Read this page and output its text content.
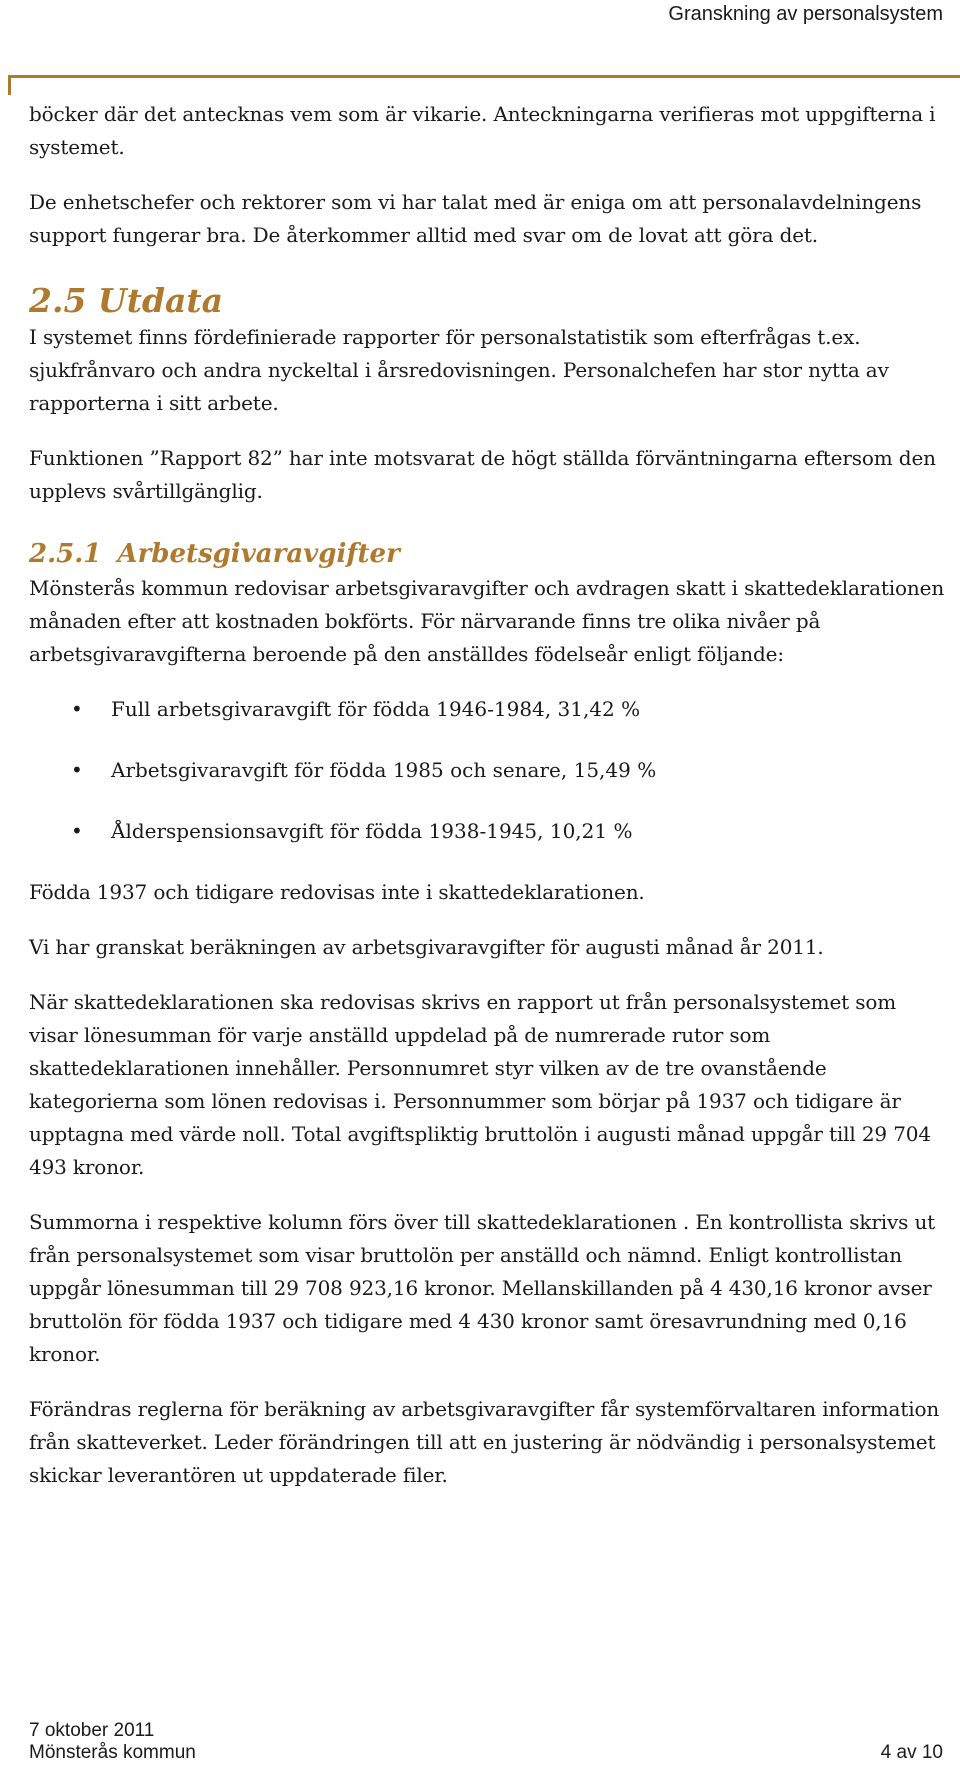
Granskning av personalsystem

böcker där det antecknas vem som är vikarie. Anteckningarna verifieras mot uppgifterna i systemet.

De enhetschefer och rektorer som vi har talat med är eniga om att personalavdelningens support fungerar bra. De återkommer alltid med svar om de lovat att göra det.

2.5 Utdata

I systemet finns fördefinierade rapporter för personalstatistik som efterfrågas t.ex. sjukfrånvaro och andra nyckeltal i årsredovisningen. Personalchefen har stor nytta av rapporterna i sitt arbete.

Funktionen ”Rapport 82” har inte motsvarat de högt ställda förväntningarna eftersom den upplevs svårtillgänglig.

2.5.1 Arbetsgivaravgifter

Mönsterås kommun redovisar arbetsgivaravgifter och avdragen skatt i skattedeklarationen månaden efter att kostnaden bokförts. För närvarande finns tre olika nivåer på arbetsgivaravgifterna beroende på den anställdes födelseår enligt följande:

• Full arbetsgivaravgift för födda 1946-1984, 31,42 %
• Arbetsgivaravgift för födda 1985 och senare, 15,49 %
• Ålderspensionsavgift för födda 1938-1945, 10,21 %

Födda 1937 och tidigare redovisas inte i skattedeklarationen.

Vi har granskat beräkningen av arbetsgivaravgifter för augusti månad år 2011.

När skattedeklarationen ska redovisas skrivs en rapport ut från personalsystemet som visar lönesumman för varje anställd uppdelad på de numrerade rutor som skattedeklarationen innehåller. Personnumret styr vilken av de tre ovanstående kategorierna som lönen redovisas i. Personnummer som börjar på 1937 och tidigare är upptagna med värde noll. Total avgiftspliktig bruttolön i augusti månad uppgår till 29 704 493 kronor.

Summorna i respektive kolumn förs över till skattedeklarationen . En kontrollista skrivs ut från personalsystemet som visar bruttolön per anställd och nämnd. Enligt kontrollistan uppgår lönesumman till 29 708 923,16 kronor. Mellanskillanden på 4 430,16 kronor avser bruttolön för födda 1937 och tidigare med 4 430 kronor samt öresavrundning med 0,16 kronor.

Förändras reglerna för beräkning av arbetsgivaravgifter får systemförvaltaren information från skatteverket. Leder förändringen till att en justering är nödvändig i personalsystemet skickar leverantören ut uppdaterade filer.

7 oktober 2011
Mönsterås kommun	4 av 10
